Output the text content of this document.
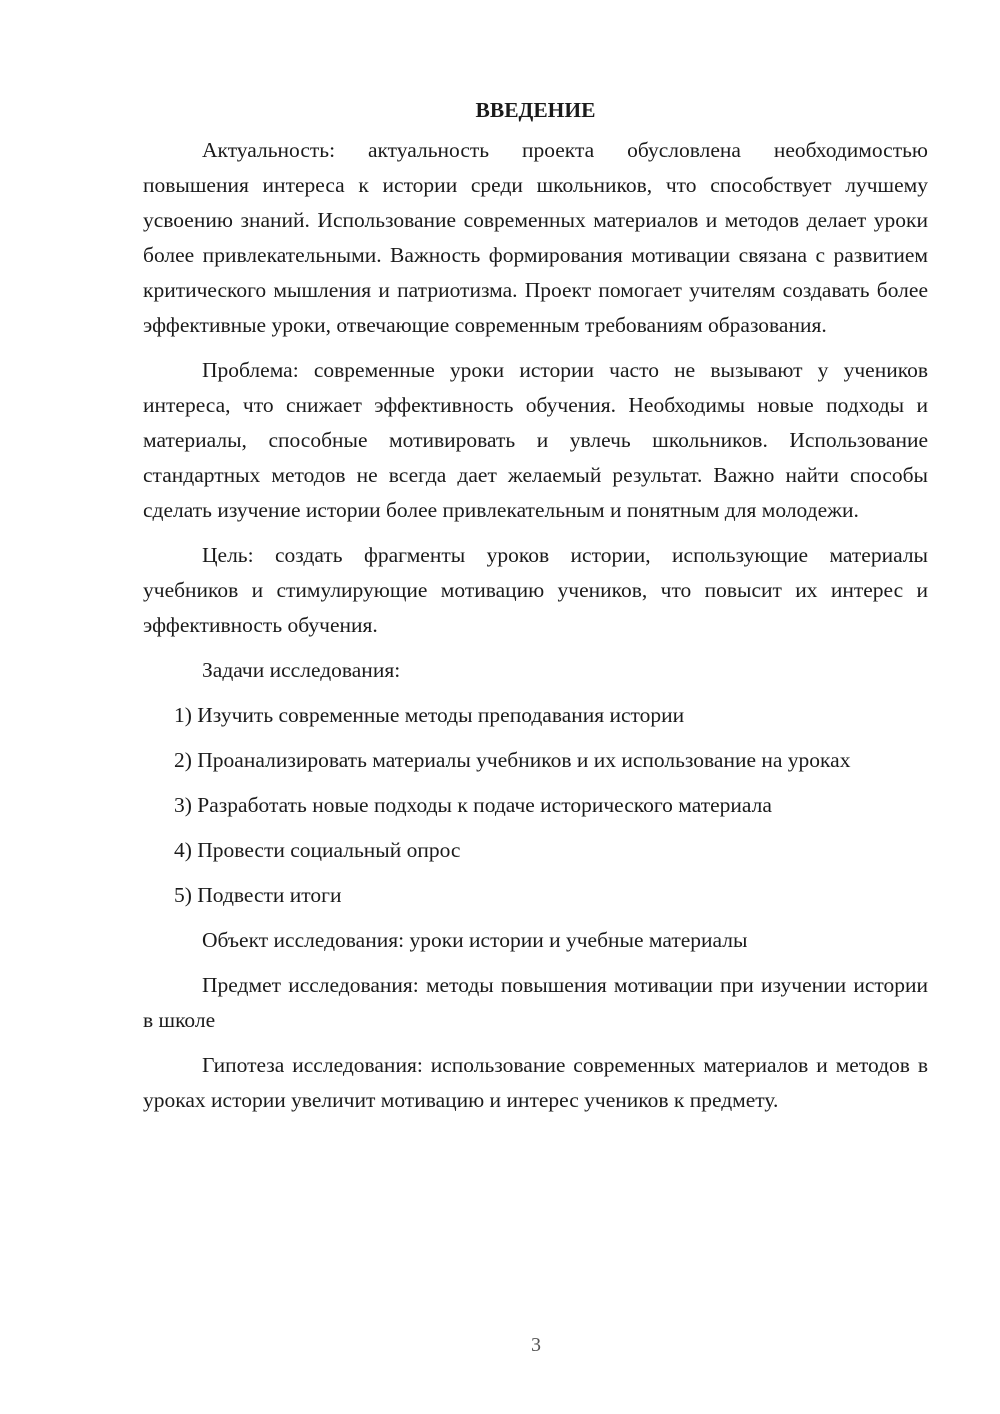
ВВЕДЕНИЕ

Актуальность: актуальность проекта обусловлена необходимостью повышения интереса к истории среди школьников, что способствует лучшему усвоению знаний. Использование современных материалов и методов делает уроки более привлекательными. Важность формирования мотивации связана с развитием критического мышления и патриотизма. Проект помогает учителям создавать более эффективные уроки, отвечающие современным требованиям образования.

Проблема: современные уроки истории часто не вызывают у учеников интереса, что снижает эффективность обучения. Необходимы новые подходы и материалы, способные мотивировать и увлечь школьников. Использование стандартных методов не всегда дает желаемый результат. Важно найти способы сделать изучение истории более привлекательным и понятным для молодежи.

Цель: создать фрагменты уроков истории, использующие материалы учебников и стимулирующие мотивацию учеников, что повысит их интерес и эффективность обучения.

Задачи исследования:

1) Изучить современные методы преподавания истории

2) Проанализировать материалы учебников и их использование на уроках

3) Разработать новые подходы к подаче исторического материала

4) Провести социальный опрос

5) Подвести итоги

Объект исследования: уроки истории и учебные материалы

Предмет исследования: методы повышения мотивации при изучении истории в школе

Гипотеза исследования: использование современных материалов и методов в уроках истории увеличит мотивацию и интерес учеников к предмету.

3
